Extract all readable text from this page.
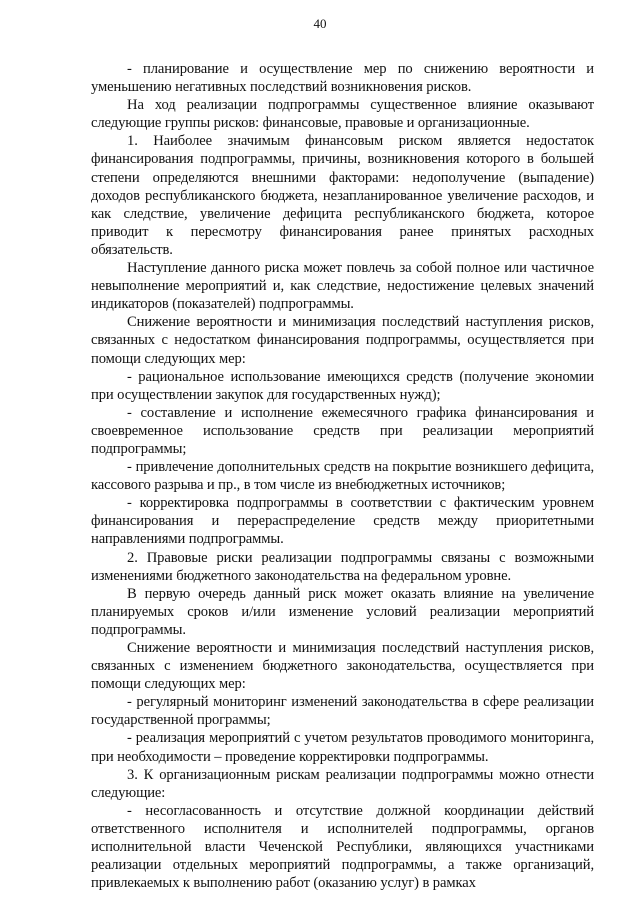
40

- планирование и осуществление мер по снижению вероятности и уменьшению негативных последствий возникновения рисков.

На ход реализации подпрограммы существенное влияние оказывают следующие группы рисков: финансовые, правовые и организационные.

1. Наиболее значимым финансовым риском является недостаток финансирования подпрограммы, причины, возникновения которого в большей степени определяются внешними факторами: недополучение (выпадение) доходов республиканского бюджета, незапланированное увеличение расходов, и как следствие, увеличение дефицита республиканского бюджета, которое приводит к пересмотру финансирования ранее принятых расходных обязательств.

Наступление данного риска может повлечь за собой полное или частичное невыполнение мероприятий и, как следствие, недостижение целевых значений индикаторов (показателей) подпрограммы.

Снижение вероятности и минимизация последствий наступления рисков, связанных с недостатком финансирования подпрограммы, осуществляется при помощи следующих мер:

- рациональное использование имеющихся средств (получение экономии при осуществлении закупок для государственных нужд);

- составление и исполнение ежемесячного графика финансирования и своевременное использование средств при реализации мероприятий подпрограммы;

- привлечение дополнительных средств на покрытие возникшего дефицита, кассового разрыва и пр., в том числе из внебюджетных источников;

- корректировка подпрограммы в соответствии с фактическим уровнем финансирования и перераспределение средств между приоритетными направлениями подпрограммы.

2. Правовые риски реализации подпрограммы связаны с возможными изменениями бюджетного законодательства на федеральном уровне.

В первую очередь данный риск может оказать влияние на увеличение планируемых сроков и/или изменение условий реализации мероприятий подпрограммы.

Снижение вероятности и минимизация последствий наступления рисков, связанных с изменением бюджетного законодательства, осуществляется при помощи следующих мер:

- регулярный мониторинг изменений законодательства в сфере реализации государственной программы;

- реализация мероприятий с учетом результатов проводимого мониторинга, при необходимости – проведение корректировки подпрограммы.

3. К организационным рискам реализации подпрограммы можно отнести следующие:

- несогласованность и отсутствие должной координации действий ответственного исполнителя и исполнителей подпрограммы, органов исполнительной власти Чеченской Республики, являющихся участниками реализации отдельных мероприятий подпрограммы, а также организаций, привлекаемых к выполнению работ (оказанию услуг) в рамках
